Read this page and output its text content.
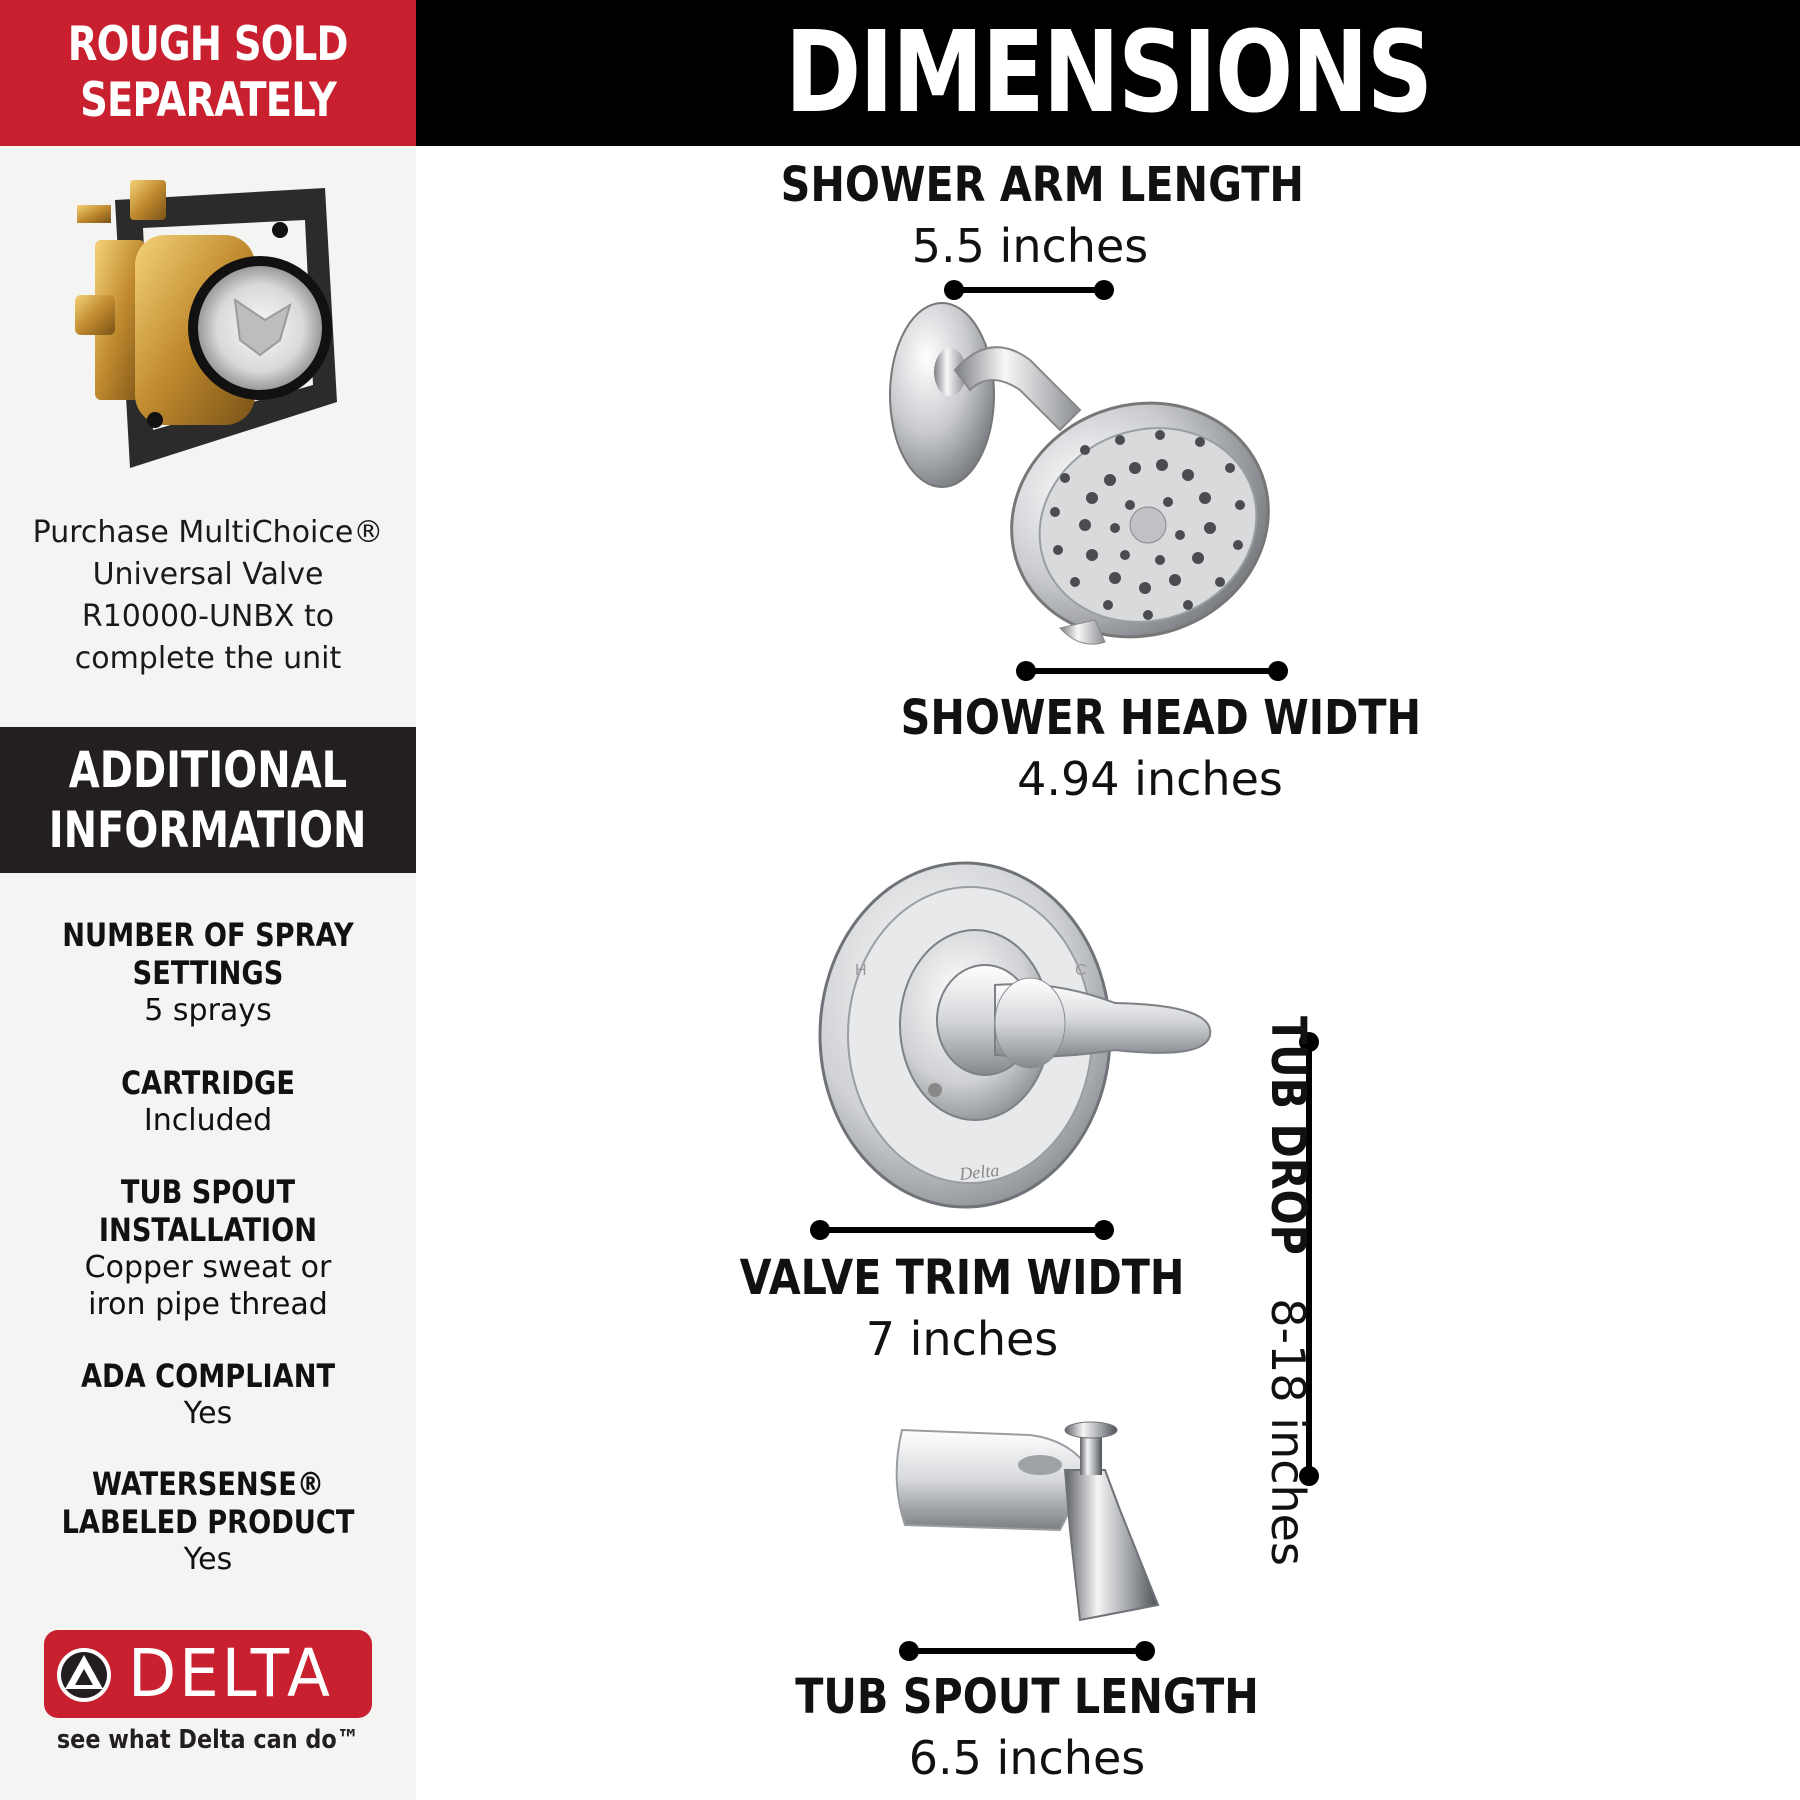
ROUGH SOLD
SEPARATELY
Purchase MultiChoice®
Universal Valve
R10000-UNBX to
complete the unit
ADDITIONAL
INFORMATION
NUMBER OF SPRAY
SETTINGS
5 sprays
CARTRIDGE
Included
TUB SPOUT
INSTALLATION
Copper sweat or
iron pipe thread
ADA COMPLIANT
Yes
WATERSENSE®
LABELED PRODUCT
Yes
DELTA
see what Delta can do™
DIMENSIONS
SHOWER ARM LENGTH
5.5 inches
SHOWER HEAD WIDTH
4.94 inches
Delta
H	C
VALVE TRIM WIDTH
7 inches
TUB DROP 8-18 inches
TUB SPOUT LENGTH
6.5 inches
